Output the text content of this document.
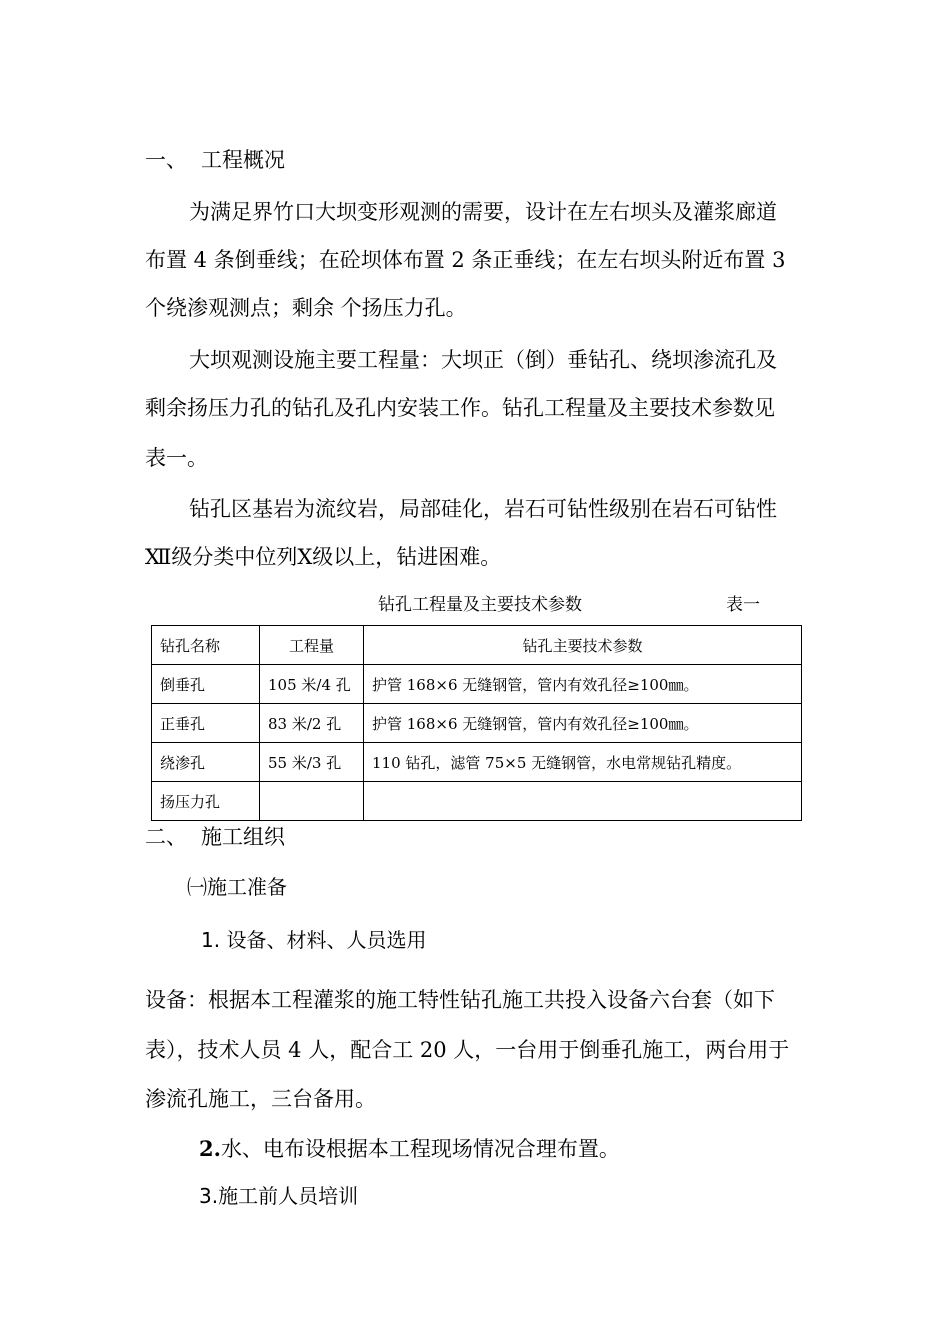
一、 工程概况
为满足界竹口大坝变形观测的需要，设计在左右坝头及灌浆廊道
布置 4 条倒垂线；在砼坝体布置 2 条正垂线；在左右坝头附近布置 3
个绕渗观测点；剩余 个扬压力孔。
大坝观测设施主要工程量：大坝正（倒）垂钻孔、绕坝渗流孔及
剩余扬压力孔的钻孔及孔内安装工作。钻孔工程量及主要技术参数见
表一。
钻孔区基岩为流纹岩，局部硅化，岩石可钻性级别在岩石可钻性
Ⅻ级分类中位列Ⅹ级以上，钻进困难。
钻孔工程量及主要技术参数	表一
钻孔名称	工程量	钻孔主要技术参数
倒垂孔	105 米/4 孔	护管 168×6 无缝钢管，管内有效孔径≥100㎜。
正垂孔	83 米/2 孔	护管 168×6 无缝钢管，管内有效孔径≥100㎜。
绕渗孔	55 米/3 孔	110 钻孔，滤管 75×5 无缝钢管，水电常规钻孔精度。
扬压力孔		
二、 施工组织
㈠施工准备
1. 设备、材料、人员选用
设备：根据本工程灌浆的施工特性钻孔施工共投入设备六台套（如下
表），技术人员 4 人，配合工 20 人，一台用于倒垂孔施工，两台用于
渗流孔施工，三台备用。
2.水、电布设根据本工程现场情况合理布置。
3.施工前人员培训
